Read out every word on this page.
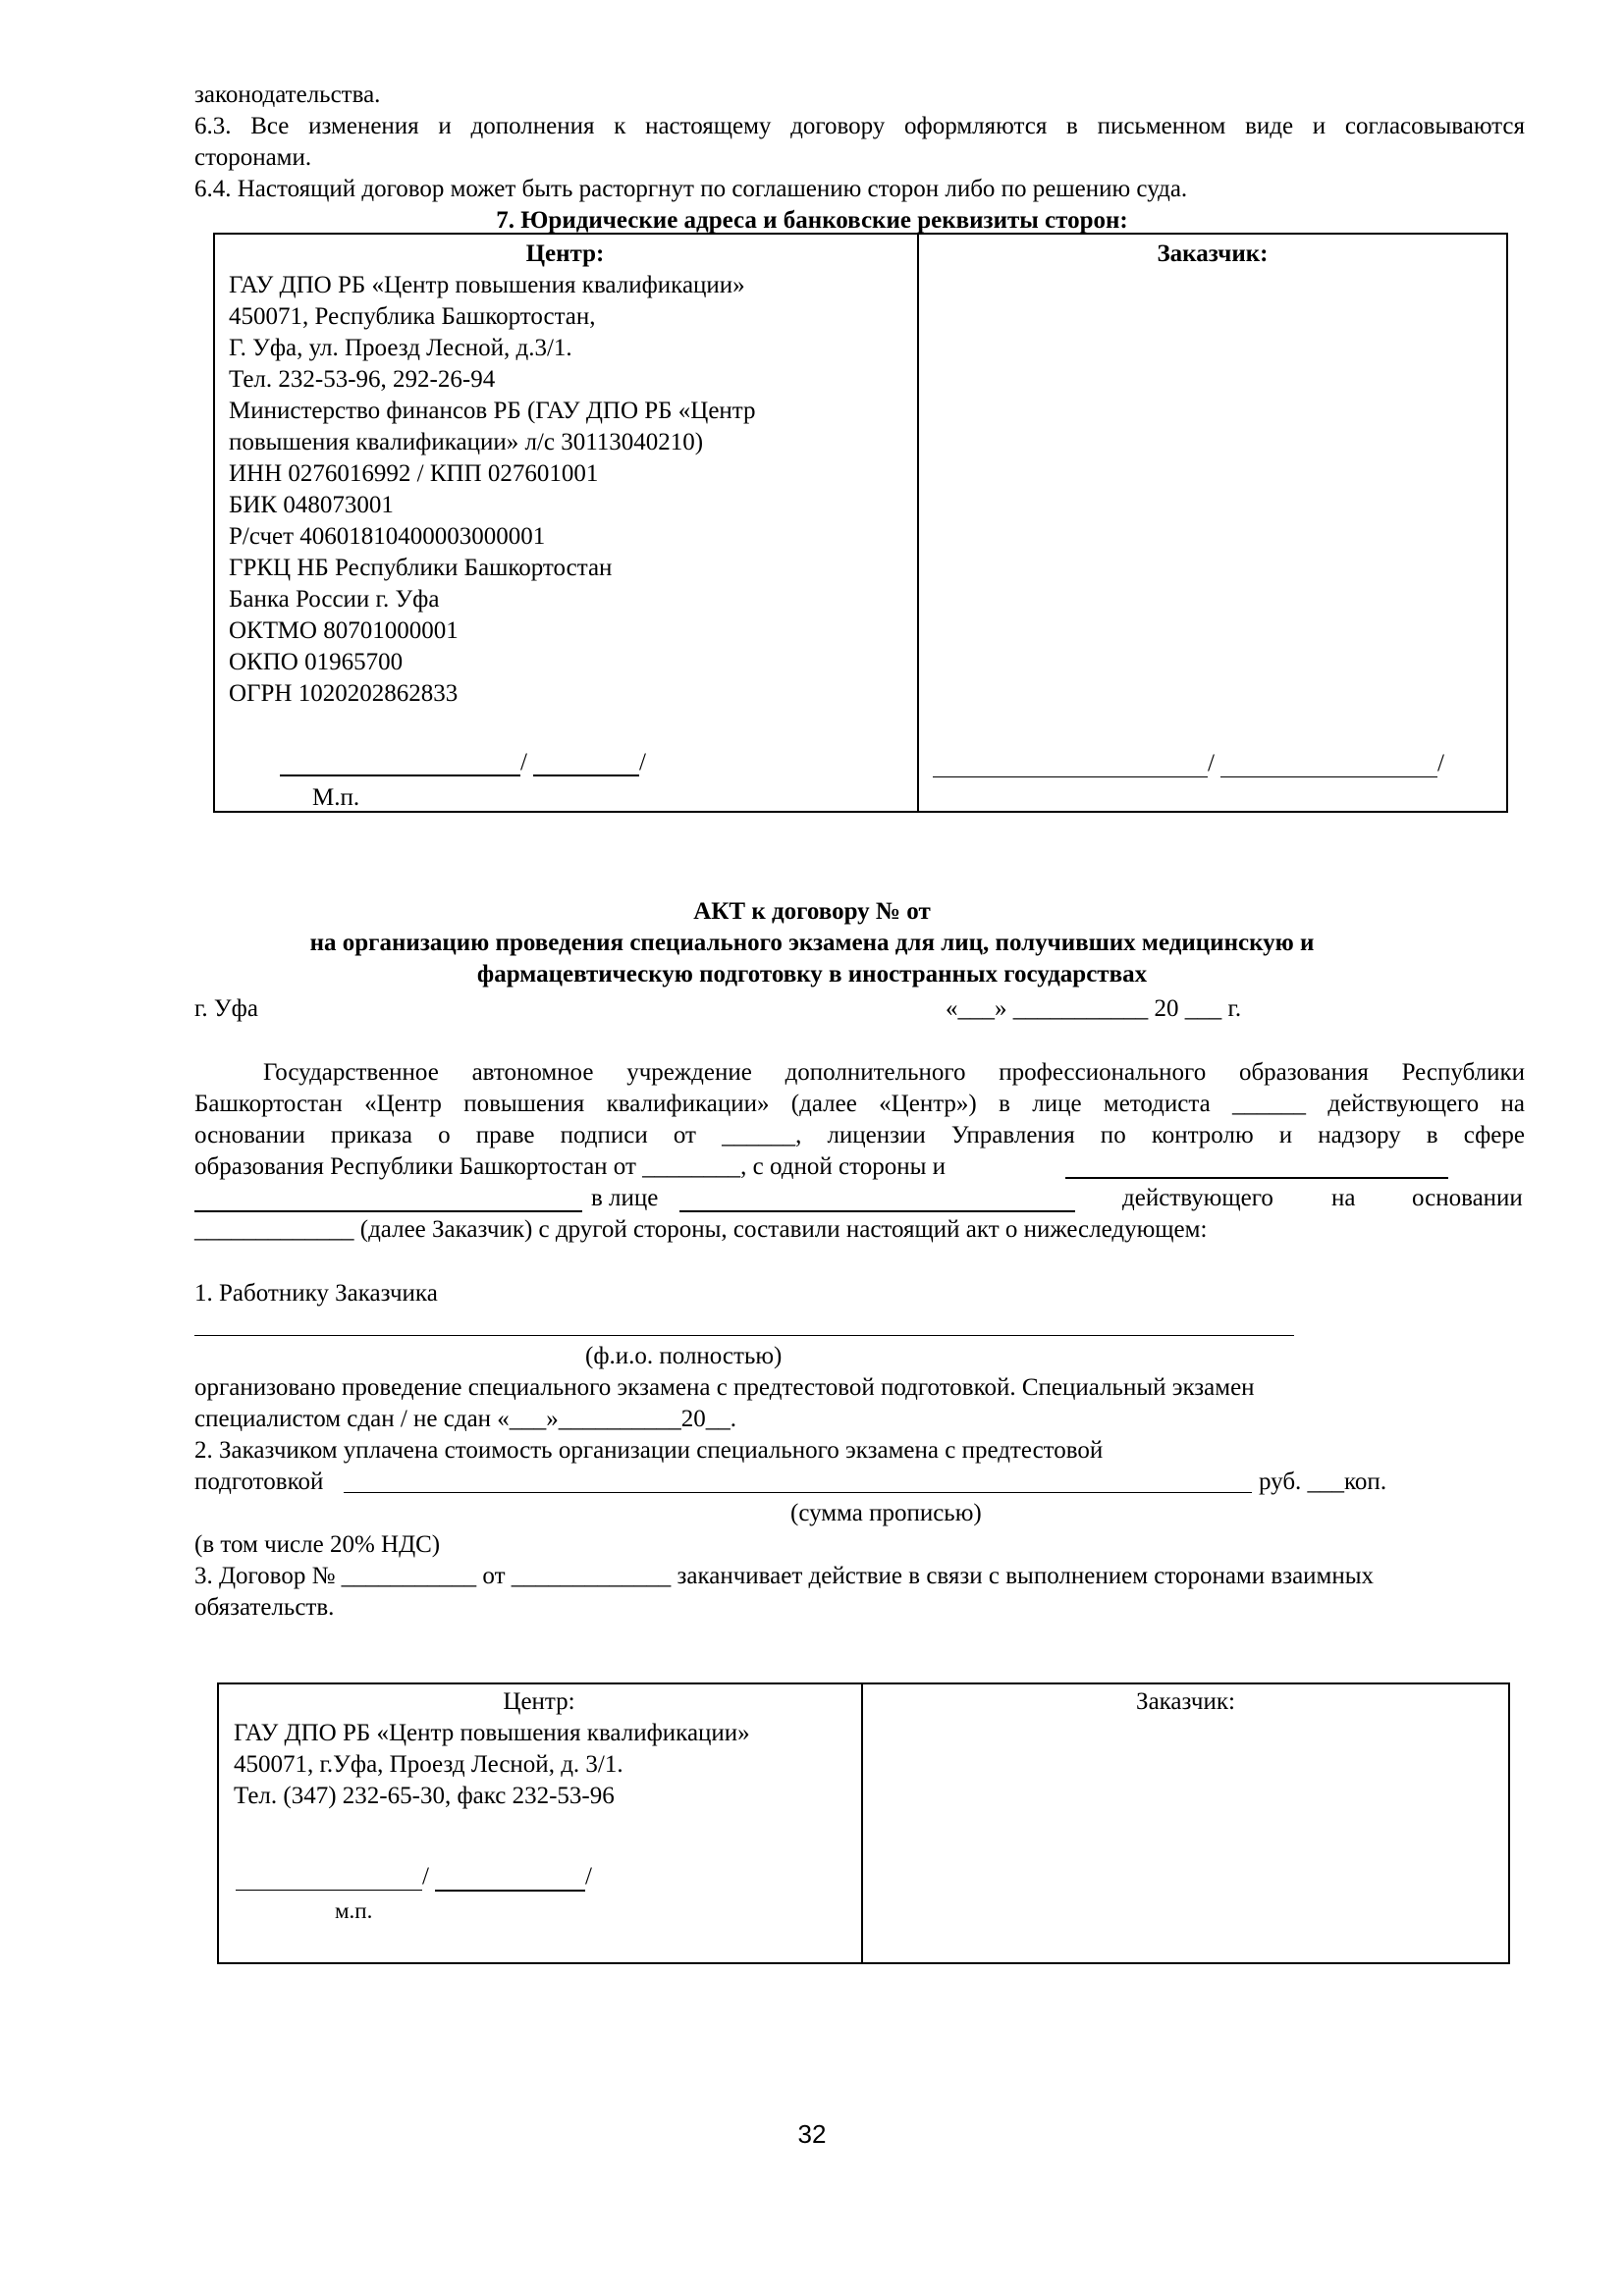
законодательства.
6.3. Все изменения и дополнения к настоящему договору оформляются в письменном виде и согласовываются
сторонами.
6.4. Настоящий договор может быть расторгнут по соглашению сторон либо по решению суда.
7. Юридические адреса и банковские реквизиты сторон:
Центр:	Заказчик:
ГАУ ДПО РБ «Центр повышения квалификации»
450071, Республика Башкортостан,
Г. Уфа, ул. Проезд Лесной, д.3/1.
Тел. 232-53-96, 292-26-94
Министерство финансов РБ (ГАУ ДПО РБ «Центр
повышения квалификации» л/с 30113040210)
ИНН 0276016992 / КПП 027601001
БИК 048073001
Р/счет 40601810400003000001
ГРКЦ НБ Республики Башкортостан
Банка России г. Уфа
ОКТМО 80701000001
ОКПО 01965700
ОГРН 1020202862833
/	/
М.п.
/	/
АКТ к договору № от
на организацию проведения специального экзамена для лиц, получивших медицинскую и
фармацевтическую подготовку в иностранных государствах
г. Уфа	«___» ___________ 20 ___ г.
Государственное автономное учреждение дополнительного профессионального образования Республики
Башкортостан «Центр повышения квалификации» (далее «Центр») в лице методиста ______ действующего на
основании приказа о праве подписи от ______, лицензии Управления по контролю и надзору в сфере
образования Республики Башкортостан от ________, с одной стороны и
в лице	действующего на основании
_____________ (далее Заказчик) с другой стороны, составили настоящий акт о нижеследующем:
1. Работнику Заказчика
(ф.и.о. полностью)
организовано проведение специального экзамена с предтестовой подготовкой. Специальный экзамен
специалистом сдан / не сдан «___»__________20__.
2. Заказчиком уплачена стоимость организации специального экзамена с предтестовой
подготовкой	руб. ___коп.
(сумма прописью)
(в том числе 20% НДС)
3. Договор № ___________ от _____________ заканчивает действие в связи с выполнением сторонами взаимных
обязательств.
Центр:	Заказчик:
ГАУ ДПО РБ «Центр повышения квалификации»
450071, г.Уфа, Проезд Лесной, д. 3/1.
Тел. (347) 232-65-30, факс 232-53-96
/	/
м.п.
32
